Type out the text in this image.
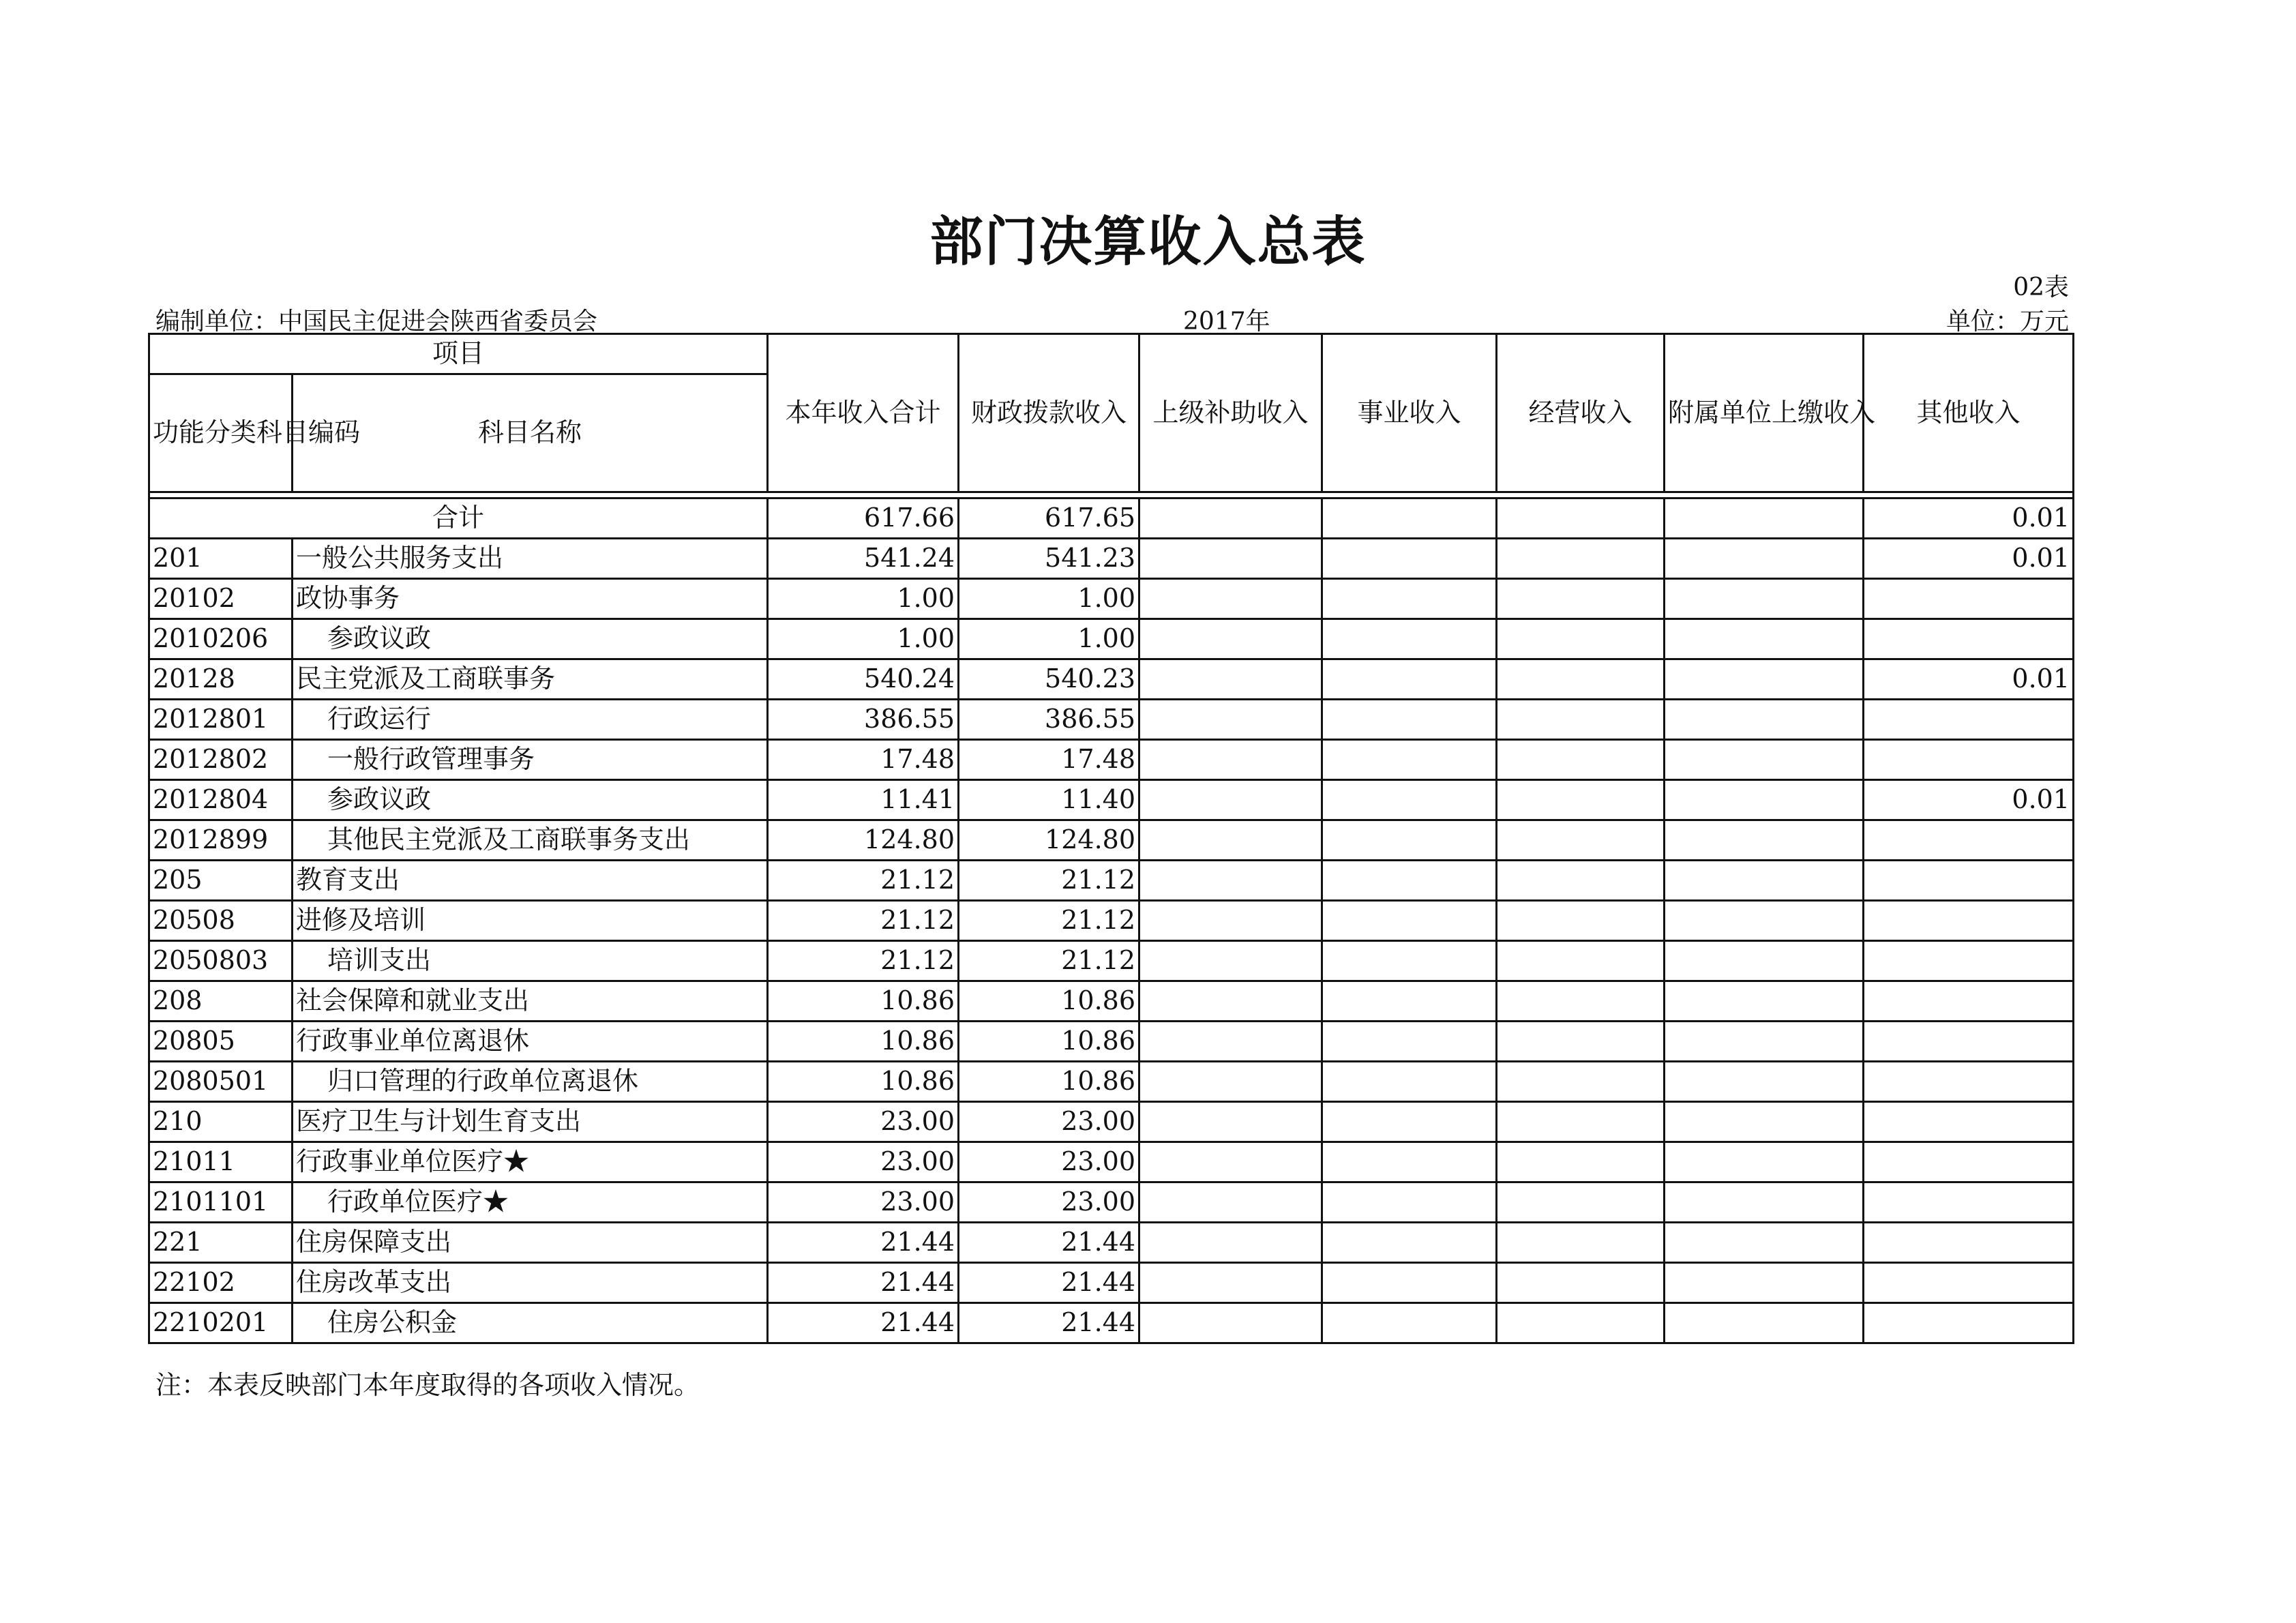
部门决算收入总表
02表
编制单位：中国民主促进会陕西省委员会	2017年	单位：万元
项目		本年收入合计	财政拨款收入	上级补助收入	事业收入	经营收入	附属单位上缴收入	其他收入
功能分类科目编码	科目名称							

合计		617.66	617.65					0.01
201	一般公共服务支出	541.24	541.23					0.01
20102	政协事务	1.00	1.00					
2010206	参政议政	1.00	1.00					
20128	民主党派及工商联事务	540.24	540.23					0.01
2012801	行政运行	386.55	386.55					
2012802	一般行政管理事务	17.48	17.48					
2012804	参政议政	11.41	11.40					0.01
2012899	其他民主党派及工商联事务支出	124.80	124.80					
205	教育支出	21.12	21.12					
20508	进修及培训	21.12	21.12					
2050803	培训支出	21.12	21.12					
208	社会保障和就业支出	10.86	10.86					
20805	行政事业单位离退休	10.86	10.86					
2080501	归口管理的行政单位离退休	10.86	10.86					
210	医疗卫生与计划生育支出	23.00	23.00					
21011	行政事业单位医疗★	23.00	23.00					
2101101	行政单位医疗★	23.00	23.00					
221	住房保障支出	21.44	21.44					
22102	住房改革支出	21.44	21.44					
2210201	住房公积金	21.44	21.44					
注：本表反映部门本年度取得的各项收入情况。
